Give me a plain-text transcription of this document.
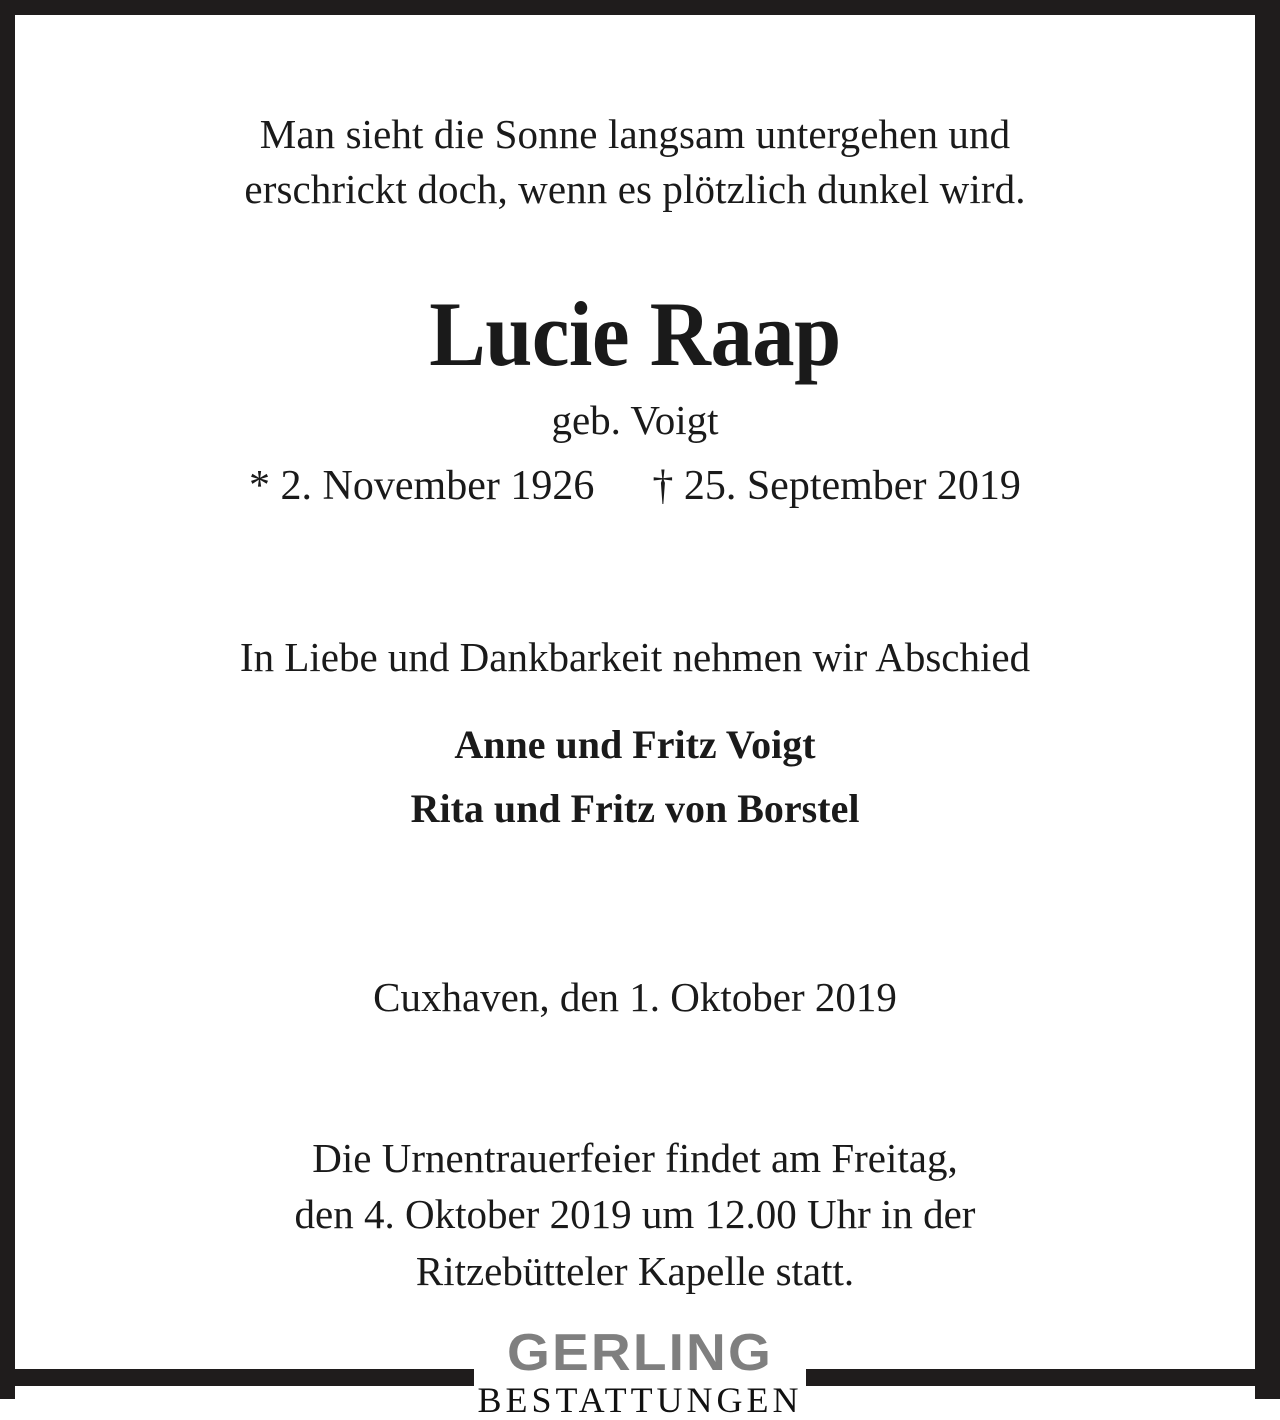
Man sieht die Sonne langsam untergehen und
erschrickt doch, wenn es plötzlich dunkel wird.

Lucie Raap

geb. Voigt

* 2. November 1926 † 25. September 2019

In Liebe und Dankbarkeit nehmen wir Abschied

Anne und Fritz Voigt
Rita und Fritz von Borstel

Cuxhaven, den 1. Oktober 2019

Die Urnentrauerfeier findet am Freitag,
den 4. Oktober 2019 um 12.00 Uhr in der
Ritzebütteler Kapelle statt.

GERLING
BESTATTUNGEN
